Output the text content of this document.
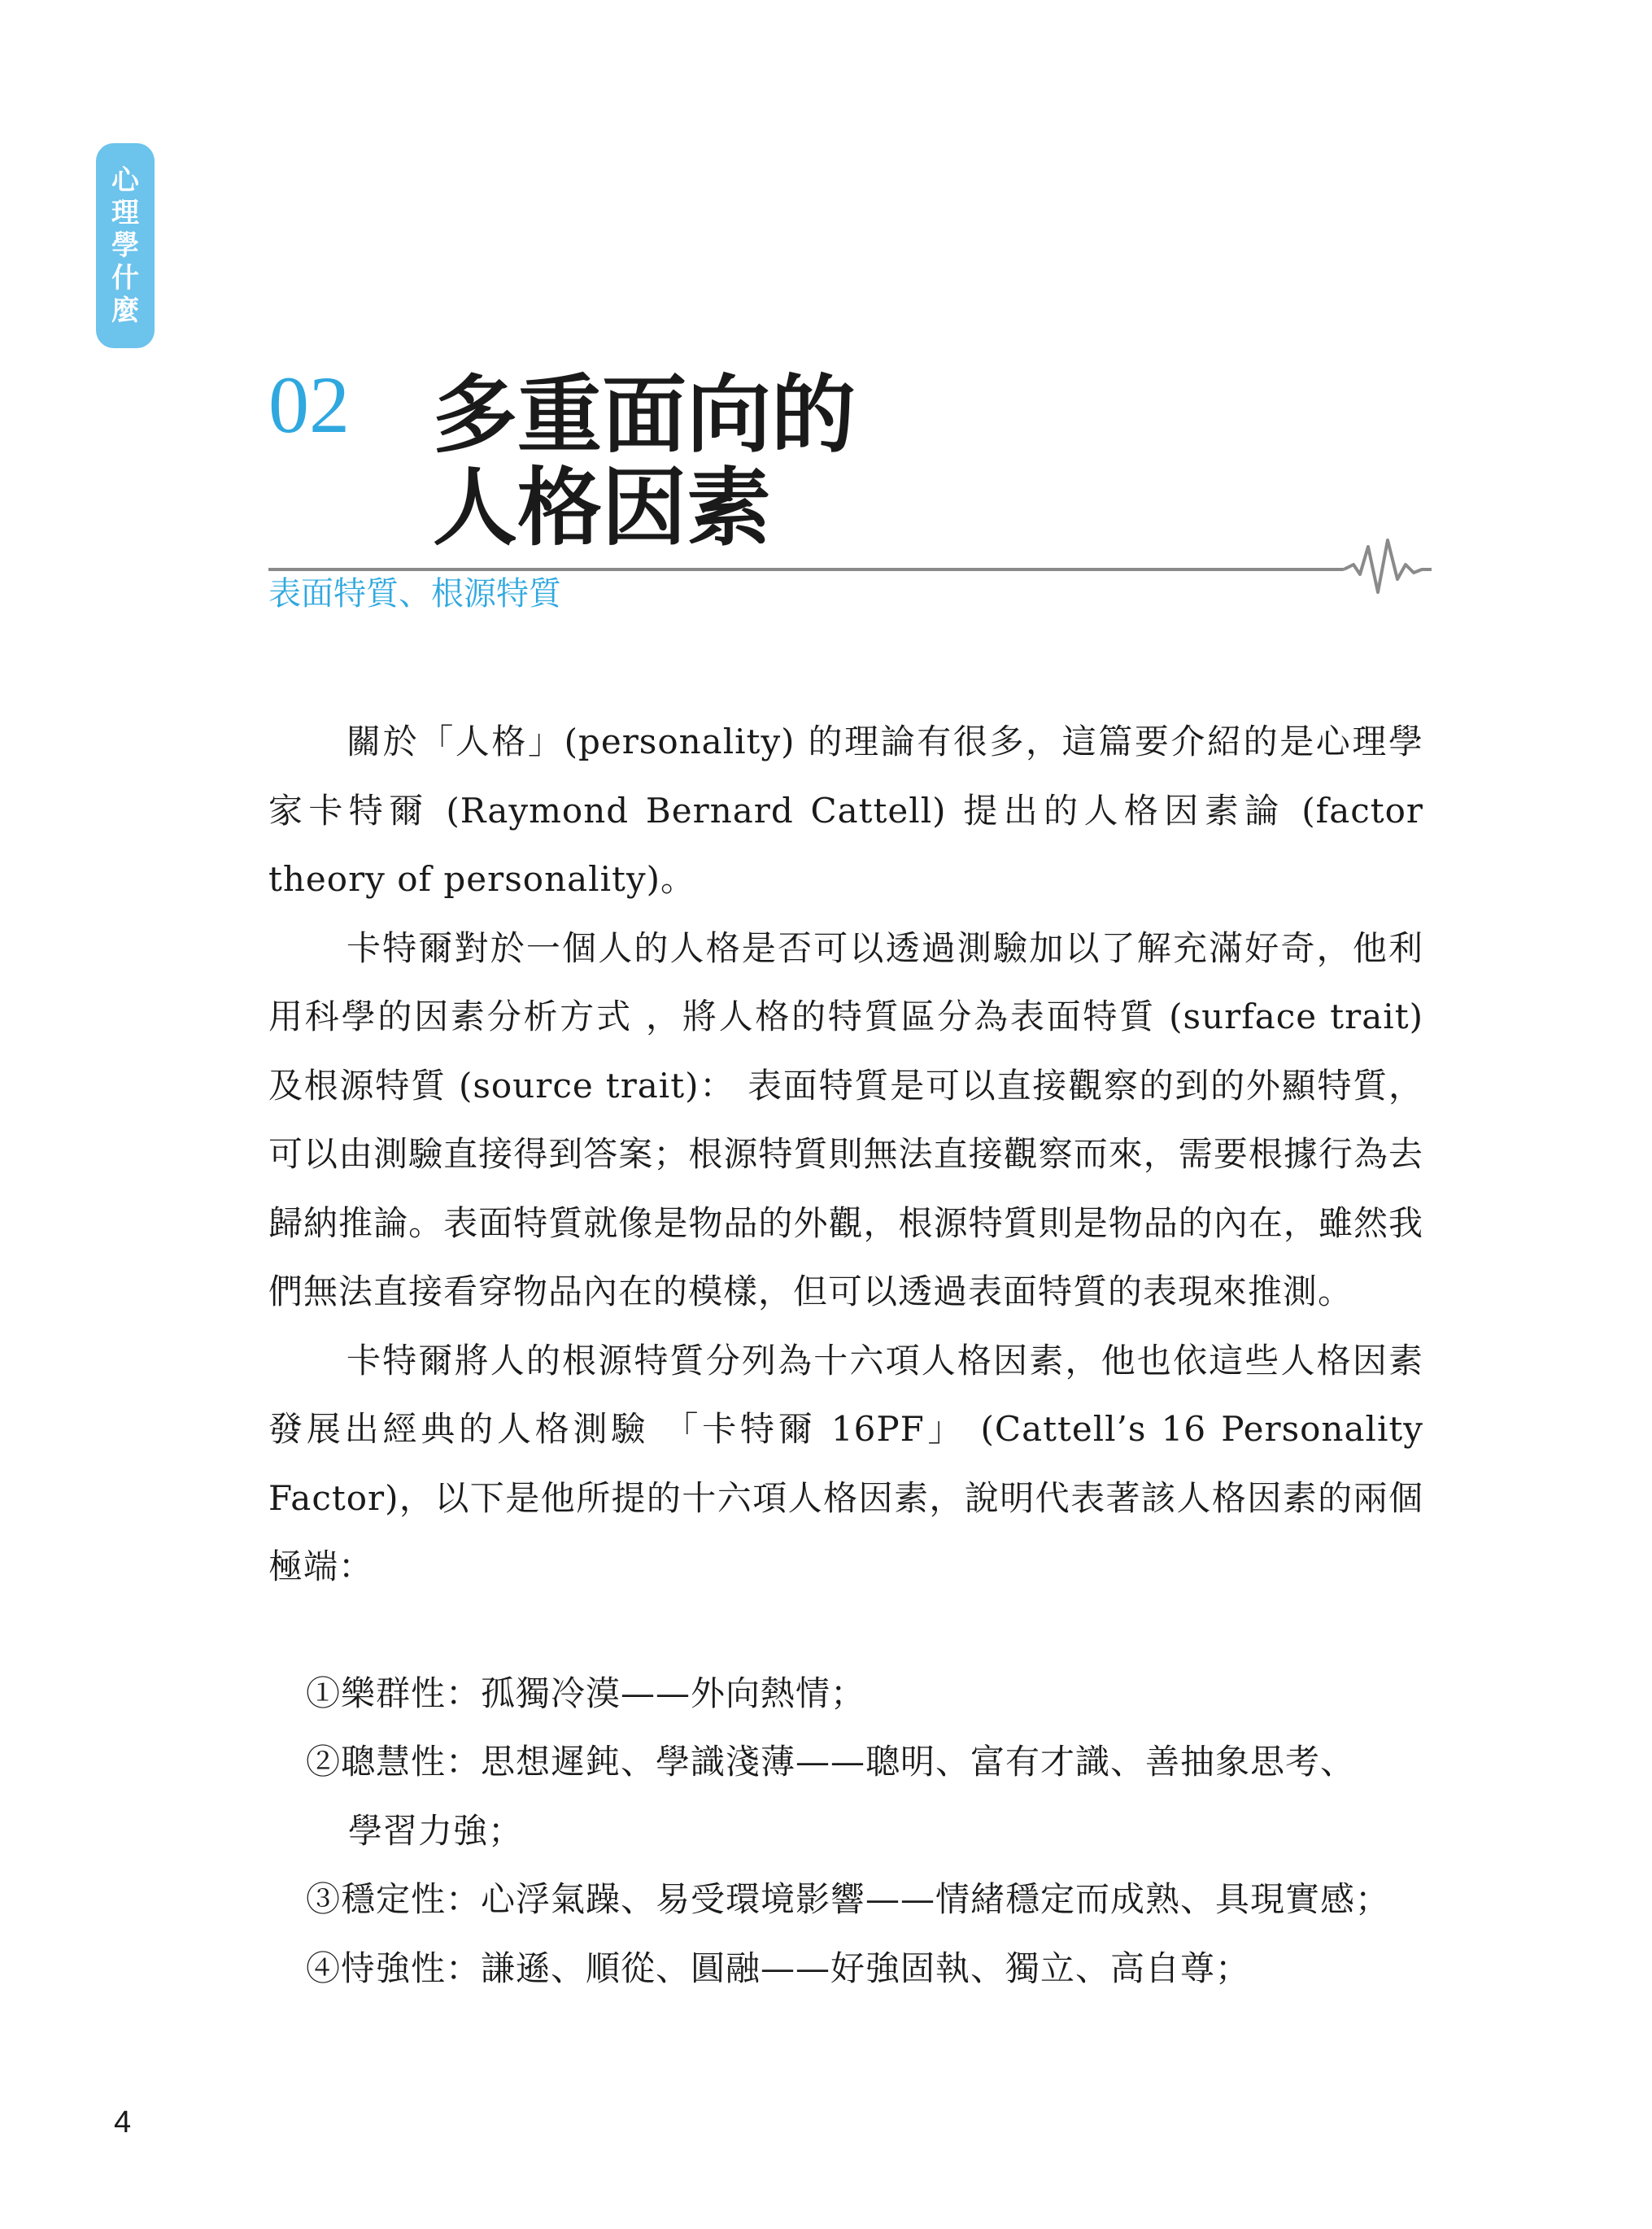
心
理
學
什
麼
02 多重面向的
人格因素
表面特質、根源特質

關於「人格」(personality) 的理論有很多，這篇要介紹的是心理學家卡特爾 (Raymond Bernard Cattell) 提出的人格因素論 (factor theory of personality)。

卡特爾對於一個人的人格是否可以透過測驗加以了解充滿好奇，他利用科學的因素分析方式 ，將人格的特質區分為表面特質 (surface trait) 及根源特質 (source trait)： 表面特質是可以直接觀察的到的外顯特質，可以由測驗直接得到答案；根源特質則無法直接觀察而來，需要根據行為去歸納推論。表面特質就像是物品的外觀，根源特質則是物品的內在，雖然我們無法直接看穿物品內在的模樣，但可以透過表面特質的表現來推測。

卡特爾將人的根源特質分列為十六項人格因素，他也依這些人格因素發展出經典的人格測驗 「卡特爾 16PF」 (Cattell’s 16 Personality Factor)，以下是他所提的十六項人格因素，說明代表著該人格因素的兩個極端：

①樂群性：孤獨冷漠——外向熱情；
②聰慧性：思想遲鈍、學識淺薄——聰明、富有才識、善抽象思考、
學習力強；
③穩定性：心浮氣躁、易受環境影響——情緒穩定而成熟、具現實感；
④恃強性：謙遜、順從、圓融——好強固執、獨立、高自尊；
4
